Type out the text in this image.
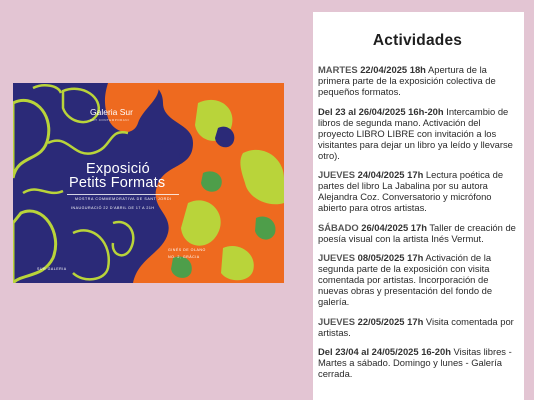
Galeria Sur
ART CONTEMPORANI
Exposició
Petits Formats
MOSTRA COMMEMORATIVA DE SANT JORDI
INAUGURACIÓ 22 D'ABRIL DE 17 A 21H
SUR GALERIA
GINÉS DE OLANO
NO. 2, GRÀCIA
Actividades

MARTES 22/04/2025 18h Apertura de la primera parte de la exposición colectiva de pequeños formatos.

Del 23 al 26/04/2025 16h-20h Intercambio de libros de segunda mano. Activación del proyecto LIBRO LIBRE con invitación a los visitantes para dejar un libro ya leído y llevarse otro).

JUEVES 24/04/2025 17h Lectura poética de partes del libro La Jabalina por su autora Alejandra Coz. Conversatorio y micrófono abierto para otros artistas.

SÁBADO 26/04/2025 17h Taller de creación de poesía visual con la artista Inés Vermut.

JUEVES 08/05/2025 17h Activación de la segunda parte de la exposición con visita comentada por artistas. Incorporación de nuevas obras y presentación del fondo de galería.

JUEVES 22/05/2025 17h Visita comentada por artistas.

Del 23/04 al 24/05/2025 16-20h Visitas libres - Martes a sábado. Domingo y lunes - Galería cerrada.
